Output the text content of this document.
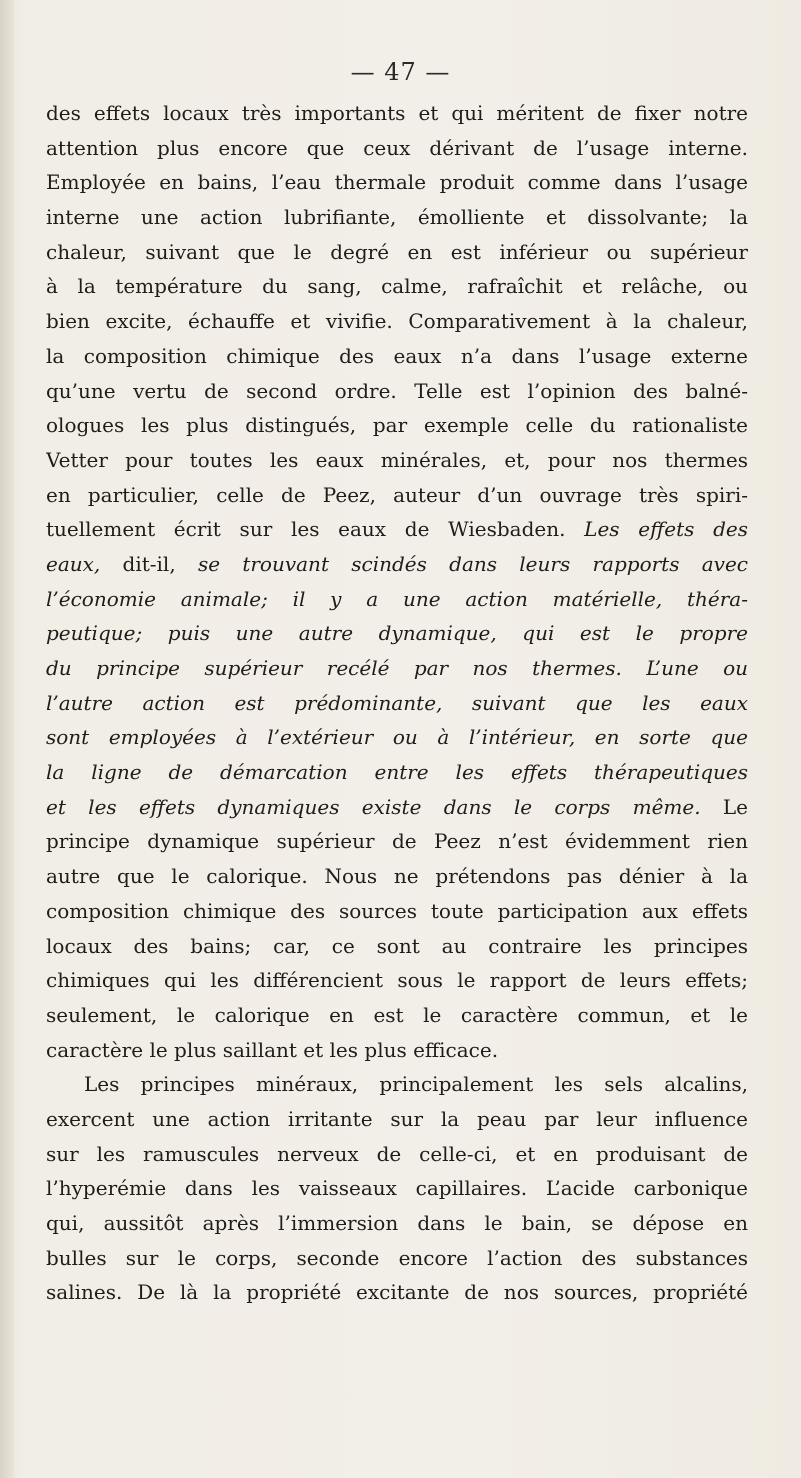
— 47 —
des effets locaux très importants et qui méritent de fixer notre
attention plus encore que ceux dérivant de l’usage interne.
Employée en bains, l’eau thermale produit comme dans l’usage
interne une action lubrifiante, émolliente et dissolvante; la
chaleur, suivant que le degré en est inférieur ou supérieur
à la température du sang, calme, rafraîchit et relâche, ou
bien excite, échauffe et vivifie. Comparativement à la chaleur,
la composition chimique des eaux n’a dans l’usage externe
qu’une vertu de second ordre. Telle est l’opinion des balné-
ologues les plus distingués, par exemple celle du rationaliste
Vetter pour toutes les eaux minérales, et, pour nos thermes
en particulier, celle de Peez, auteur d’un ouvrage très spiri-
tuellement écrit sur les eaux de Wiesbaden. Les effets des
eaux, dit-il, se trouvant scindés dans leurs rapports avec
l’économie animale; il y a une action matérielle, théra-
peutique; puis une autre dynamique, qui est le propre
du principe supérieur recélé par nos thermes. L’une ou
l’autre action est prédominante, suivant que les eaux
sont employées à l’extérieur ou à l’intérieur, en sorte que
la ligne de démarcation entre les effets thérapeutiques
et les effets dynamiques existe dans le corps même. Le
principe dynamique supérieur de Peez n’est évidemment rien
autre que le calorique. Nous ne prétendons pas dénier à la
composition chimique des sources toute participation aux effets
locaux des bains; car, ce sont au contraire les principes
chimiques qui les différencient sous le rapport de leurs effets;
seulement, le calorique en est le caractère commun, et le
caractère le plus saillant et les plus efficace.
Les principes minéraux, principalement les sels alcalins,
exercent une action irritante sur la peau par leur influence
sur les ramuscules nerveux de celle-ci, et en produisant de
l’hyperémie dans les vaisseaux capillaires. L’acide carbonique
qui, aussitôt après l’immersion dans le bain, se dépose en
bulles sur le corps, seconde encore l’action des substances
salines. De là la propriété excitante de nos sources, propriété
